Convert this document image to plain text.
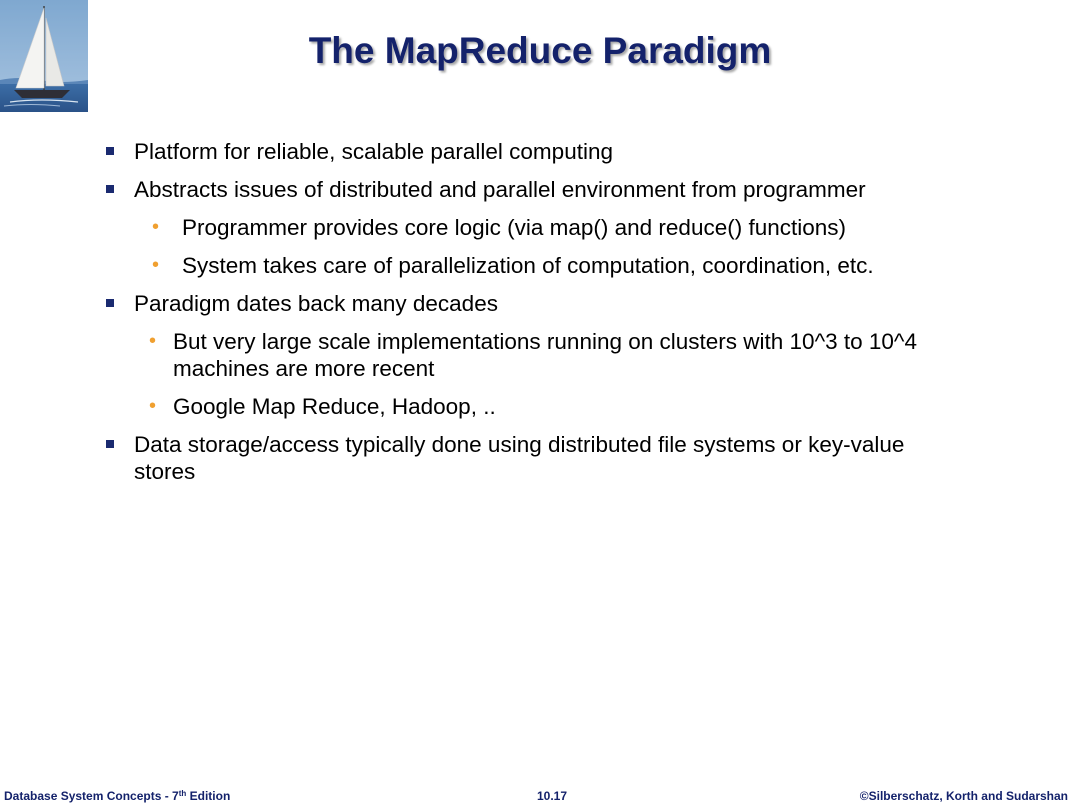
The MapReduce Paradigm
Platform for reliable, scalable parallel computing
Abstracts issues of distributed and parallel environment from programmer
• Programmer provides core logic (via map() and reduce() functions)
• System takes care of parallelization of computation, coordination, etc.
Paradigm dates back many decades
• But very large scale implementations running on clusters with 10^3 to 10^4 machines are more recent
• Google Map Reduce, Hadoop, ..
Data storage/access typically done using distributed file systems or key-value stores
Database System Concepts - 7th Edition	10.17	©Silberschatz, Korth and Sudarshan
